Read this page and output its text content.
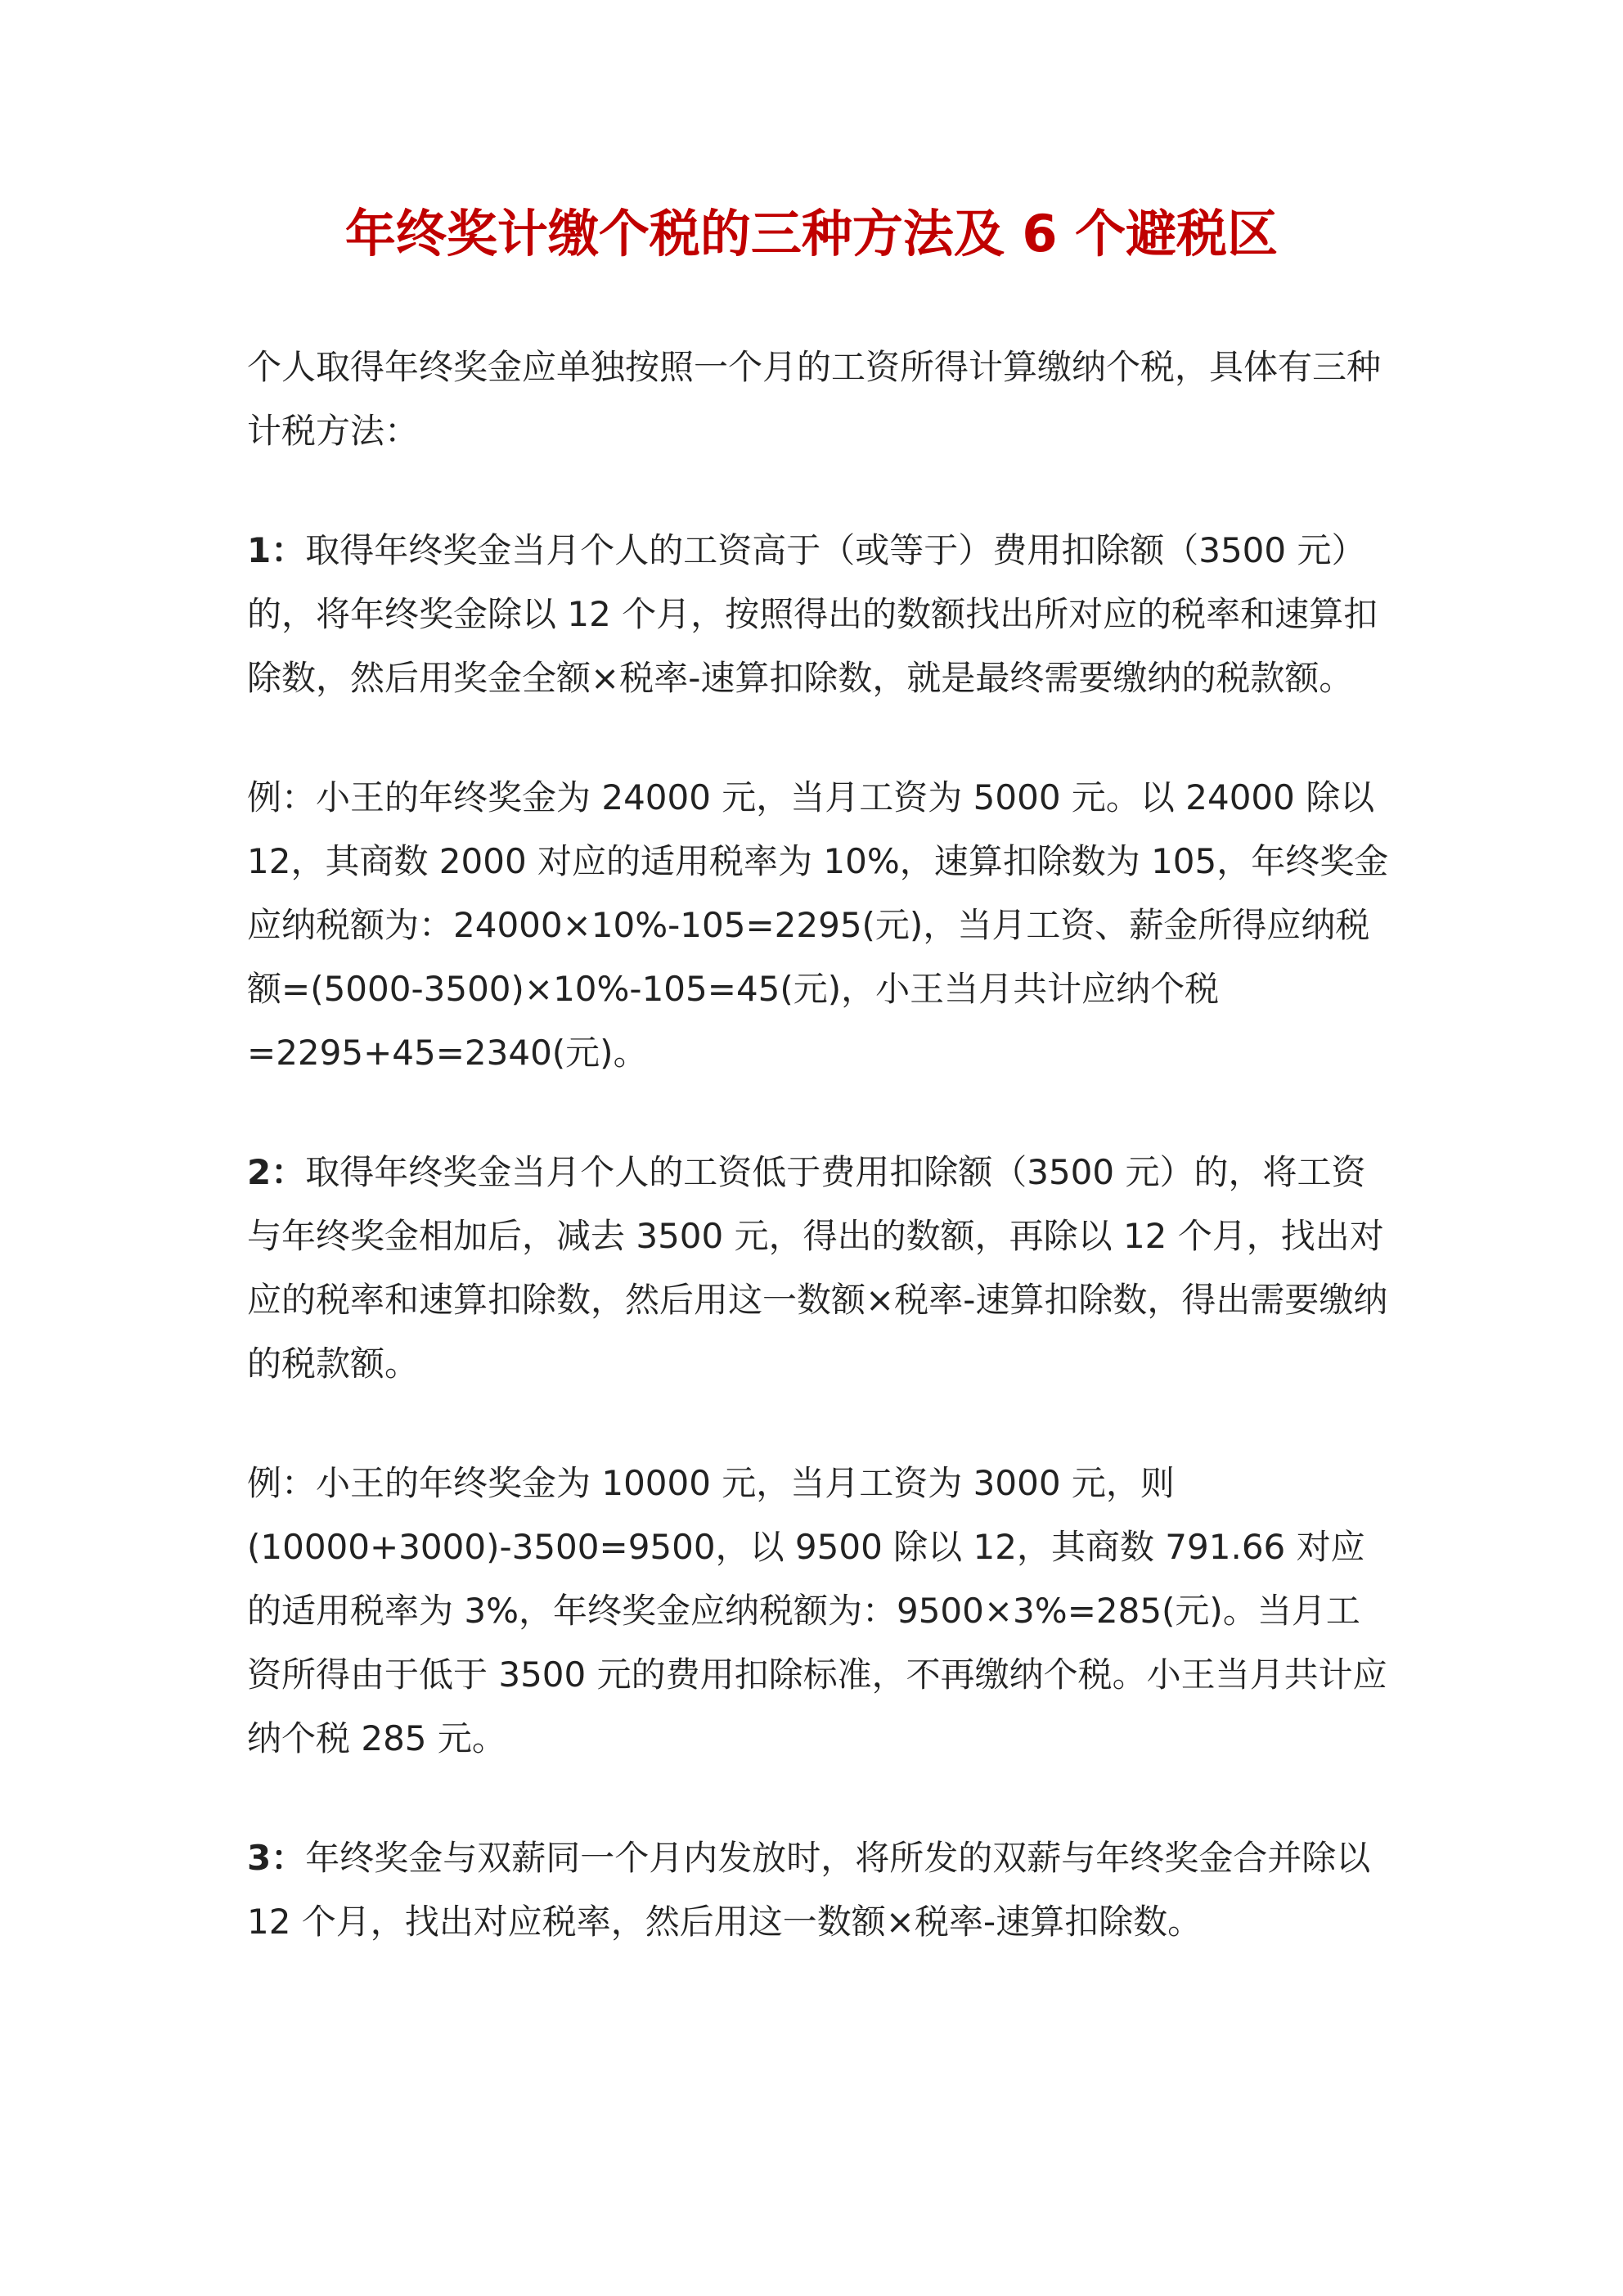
年终奖计缴个税的三种方法及 6 个避税区

个人取得年终奖金应单独按照一个月的工资所得计算缴纳个税，具体有三种计税方法：

1：取得年终奖金当月个人的工资高于（或等于）费用扣除额（3500 元）的，将年终奖金除以 12 个月，按照得出的数额找出所对应的税率和速算扣除数，然后用奖金全额×税率-速算扣除数，就是最终需要缴纳的税款额。

例：小王的年终奖金为 24000 元，当月工资为 5000 元。以 24000 除以 12，其商数 2000 对应的适用税率为 10%，速算扣除数为 105，年终奖金应纳税额为：24000×10%-105=2295(元)，当月工资、薪金所得应纳税额=(5000-3500)×10%-105=45(元)，小王当月共计应纳个税=2295+45=2340(元)。

2：取得年终奖金当月个人的工资低于费用扣除额（3500 元）的，将工资与年终奖金相加后，减去 3500 元，得出的数额，再除以 12 个月，找出对应的税率和速算扣除数，然后用这一数额×税率-速算扣除数，得出需要缴纳的税款额。

例：小王的年终奖金为 10000 元，当月工资为 3000 元，则 (10000+3000)-3500=9500，以 9500 除以 12，其商数 791.66 对应的适用税率为 3%，年终奖金应纳税额为：9500×3%=285(元)。当月工资所得由于低于 3500 元的费用扣除标准，不再缴纳个税。小王当月共计应纳个税 285 元。

3：年终奖金与双薪同一个月内发放时，将所发的双薪与年终奖金合并除以 12 个月，找出对应税率，然后用这一数额×税率-速算扣除数。
